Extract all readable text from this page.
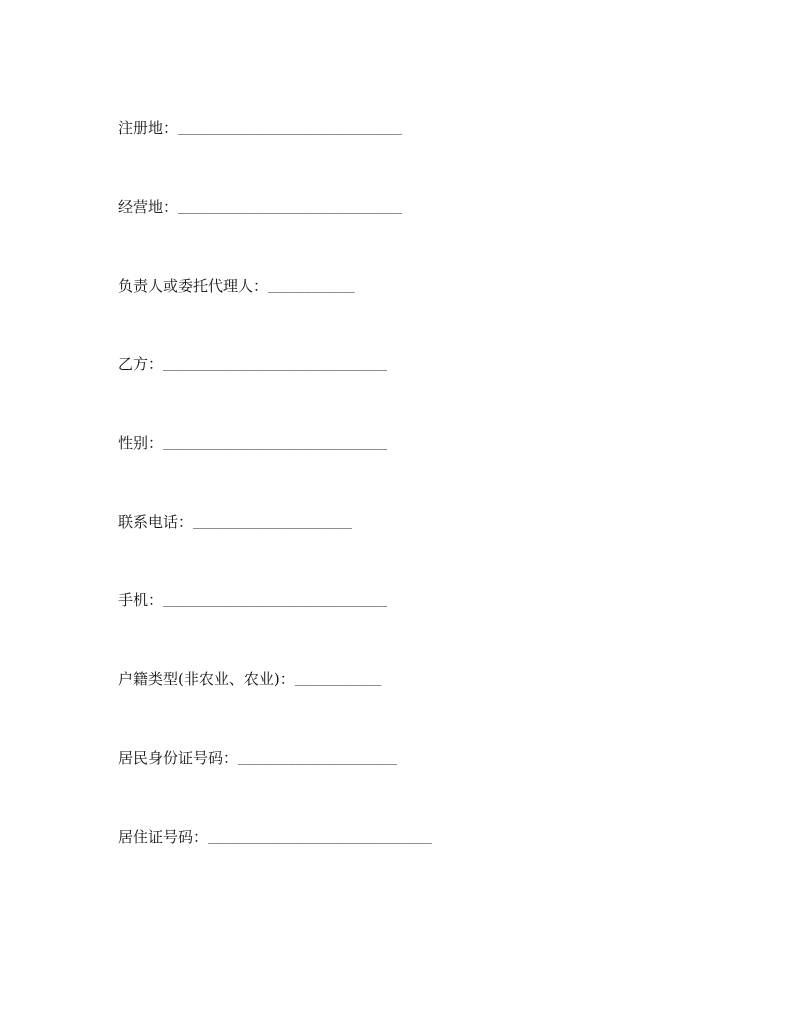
注册地：_______________________________
经营地：_______________________________
负责人或委托代理人：____________
乙方：_______________________________
性别：_______________________________
联系电话：______________________
手机：_______________________________
户籍类型(非农业、农业)：____________
居民身份证号码：______________________
居住证号码：_______________________________
